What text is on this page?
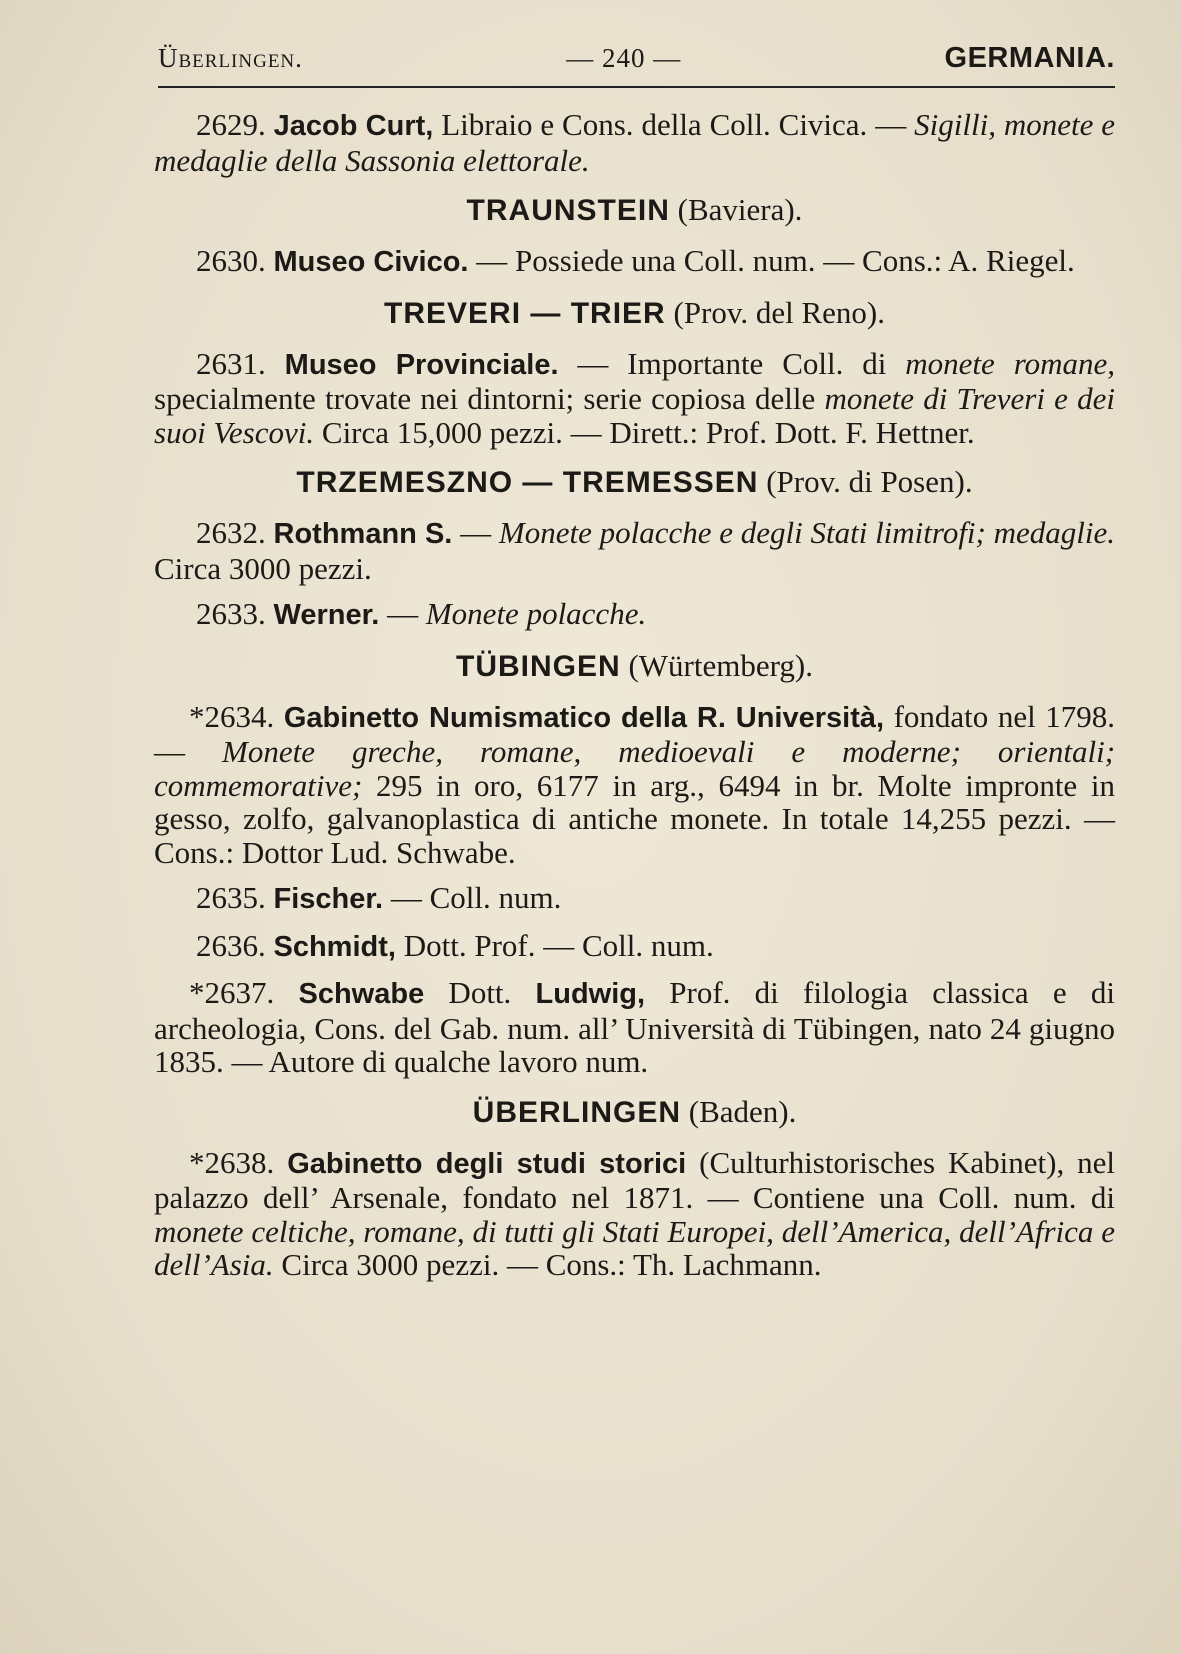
Überlingen.	— 240 —	GERMANIA.

2629. Jacob Curt, Libraio e Cons. della Coll. Civica. — Sigilli, monete e medaglie della Sassonia elettorale.

TRAUNSTEIN (Baviera).

2630. Museo Civico. — Possiede una Coll. num. — Cons.: A. Riegel.

TREVERI — TRIER (Prov. del Reno).

2631. Museo Provinciale. — Importante Coll. di monete romane, specialmente trovate nei dintorni; serie copiosa delle monete di Treveri e dei suoi Vescovi. Circa 15,000 pezzi. — Dirett.: Prof. Dott. F. Hettner.

TRZEMESZNO — TREMESSEN (Prov. di Posen).

2632. Rothmann S. — Monete polacche e degli Stati limitrofi; medaglie. Circa 3000 pezzi.

2633. Werner. — Monete polacche.

TÜBINGEN (Würtemberg).

*2634. Gabinetto Numismatico della R. Università, fondato nel 1798. — Monete greche, romane, medioevali e moderne; orientali; commemorative; 295 in oro, 6177 in arg., 6494 in br. Molte impronte in gesso, zolfo, galvanoplastica di antiche monete. In totale 14,255 pezzi. — Cons.: Dottor Lud. Schwabe.

2635. Fischer. — Coll. num.

2636. Schmidt, Dott. Prof. — Coll. num.

*2637. Schwabe Dott. Ludwig, Prof. di filologia classica e di archeologia, Cons. del Gab. num. all’ Università di Tübingen, nato 24 giugno 1835. — Autore di qualche lavoro num.

ÜBERLINGEN (Baden).

*2638. Gabinetto degli studi storici (Culturhistorisches Kabinet), nel palazzo dell’ Arsenale, fondato nel 1871. — Contiene una Coll. num. di monete celtiche, romane, di tutti gli Stati Europei, dell’America, dell’Africa e dell’Asia. Circa 3000 pezzi. — Cons.: Th. Lachmann.
